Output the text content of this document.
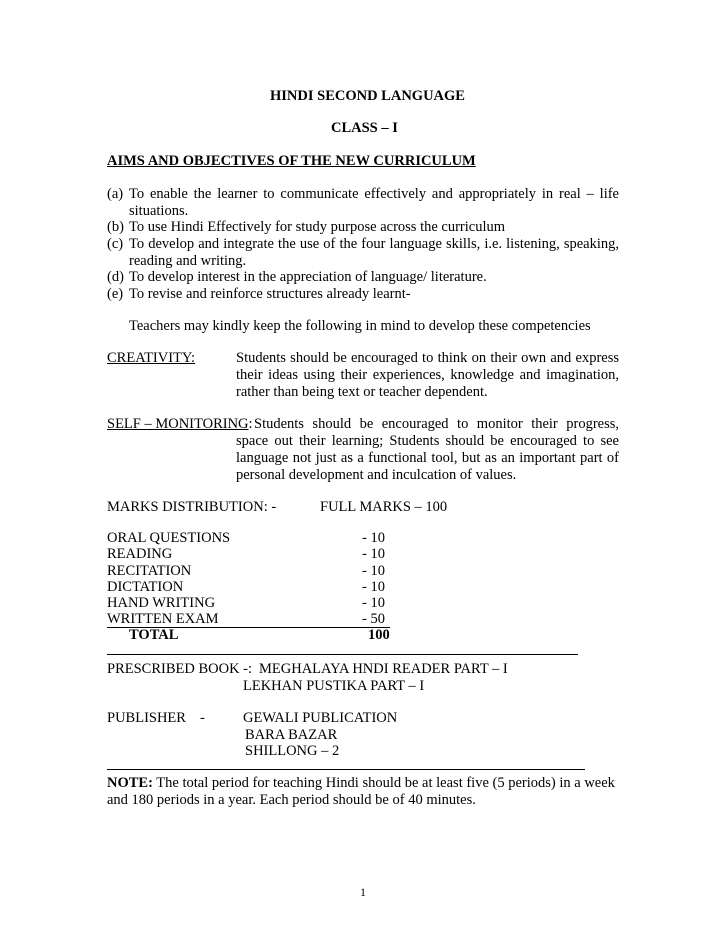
HINDI SECOND LANGUAGE
CLASS – I
AIMS AND OBJECTIVES OF THE NEW CURRICULUM
(a) To enable the learner to communicate effectively and appropriately in real – life situations.
(b) To use Hindi Effectively for study purpose across the curriculum
(c) To develop and integrate the use of the four language skills, i.e. listening, speaking, reading and writing.
(d) To develop interest in the appreciation of language/ literature.
(e) To revise and reinforce structures already learnt-
Teachers may kindly keep the following in mind to develop these competencies
CREATIVITY:	Students should be encouraged to think on their own and express their ideas using their experiences, knowledge and imagination, rather than being text or teacher dependent.
SELF – MONITORING: Students should be encouraged to monitor their progress, space out their learning; Students should be encouraged to see language not just as a functional tool, but as an important part of personal development and inculcation of values.
MARKS DISTRIBUTION: -	FULL MARKS – 100
ORAL QUESTIONS	- 10
READING	- 10
RECITATION	- 10
DICTATION	- 10
HAND WRITING	- 10
WRITTEN EXAM	- 50
TOTAL	100
PRESCRIBED BOOK -: MEGHALAYA HNDI READER PART – I
LEKHAN PUSTIKA PART – I
PUBLISHER -	GEWALI PUBLICATION
BARA BAZAR
SHILLONG – 2
NOTE: The total period for teaching Hindi should be at least five (5 periods) in a week
and 180 periods in a year. Each period should be of 40 minutes.
1
